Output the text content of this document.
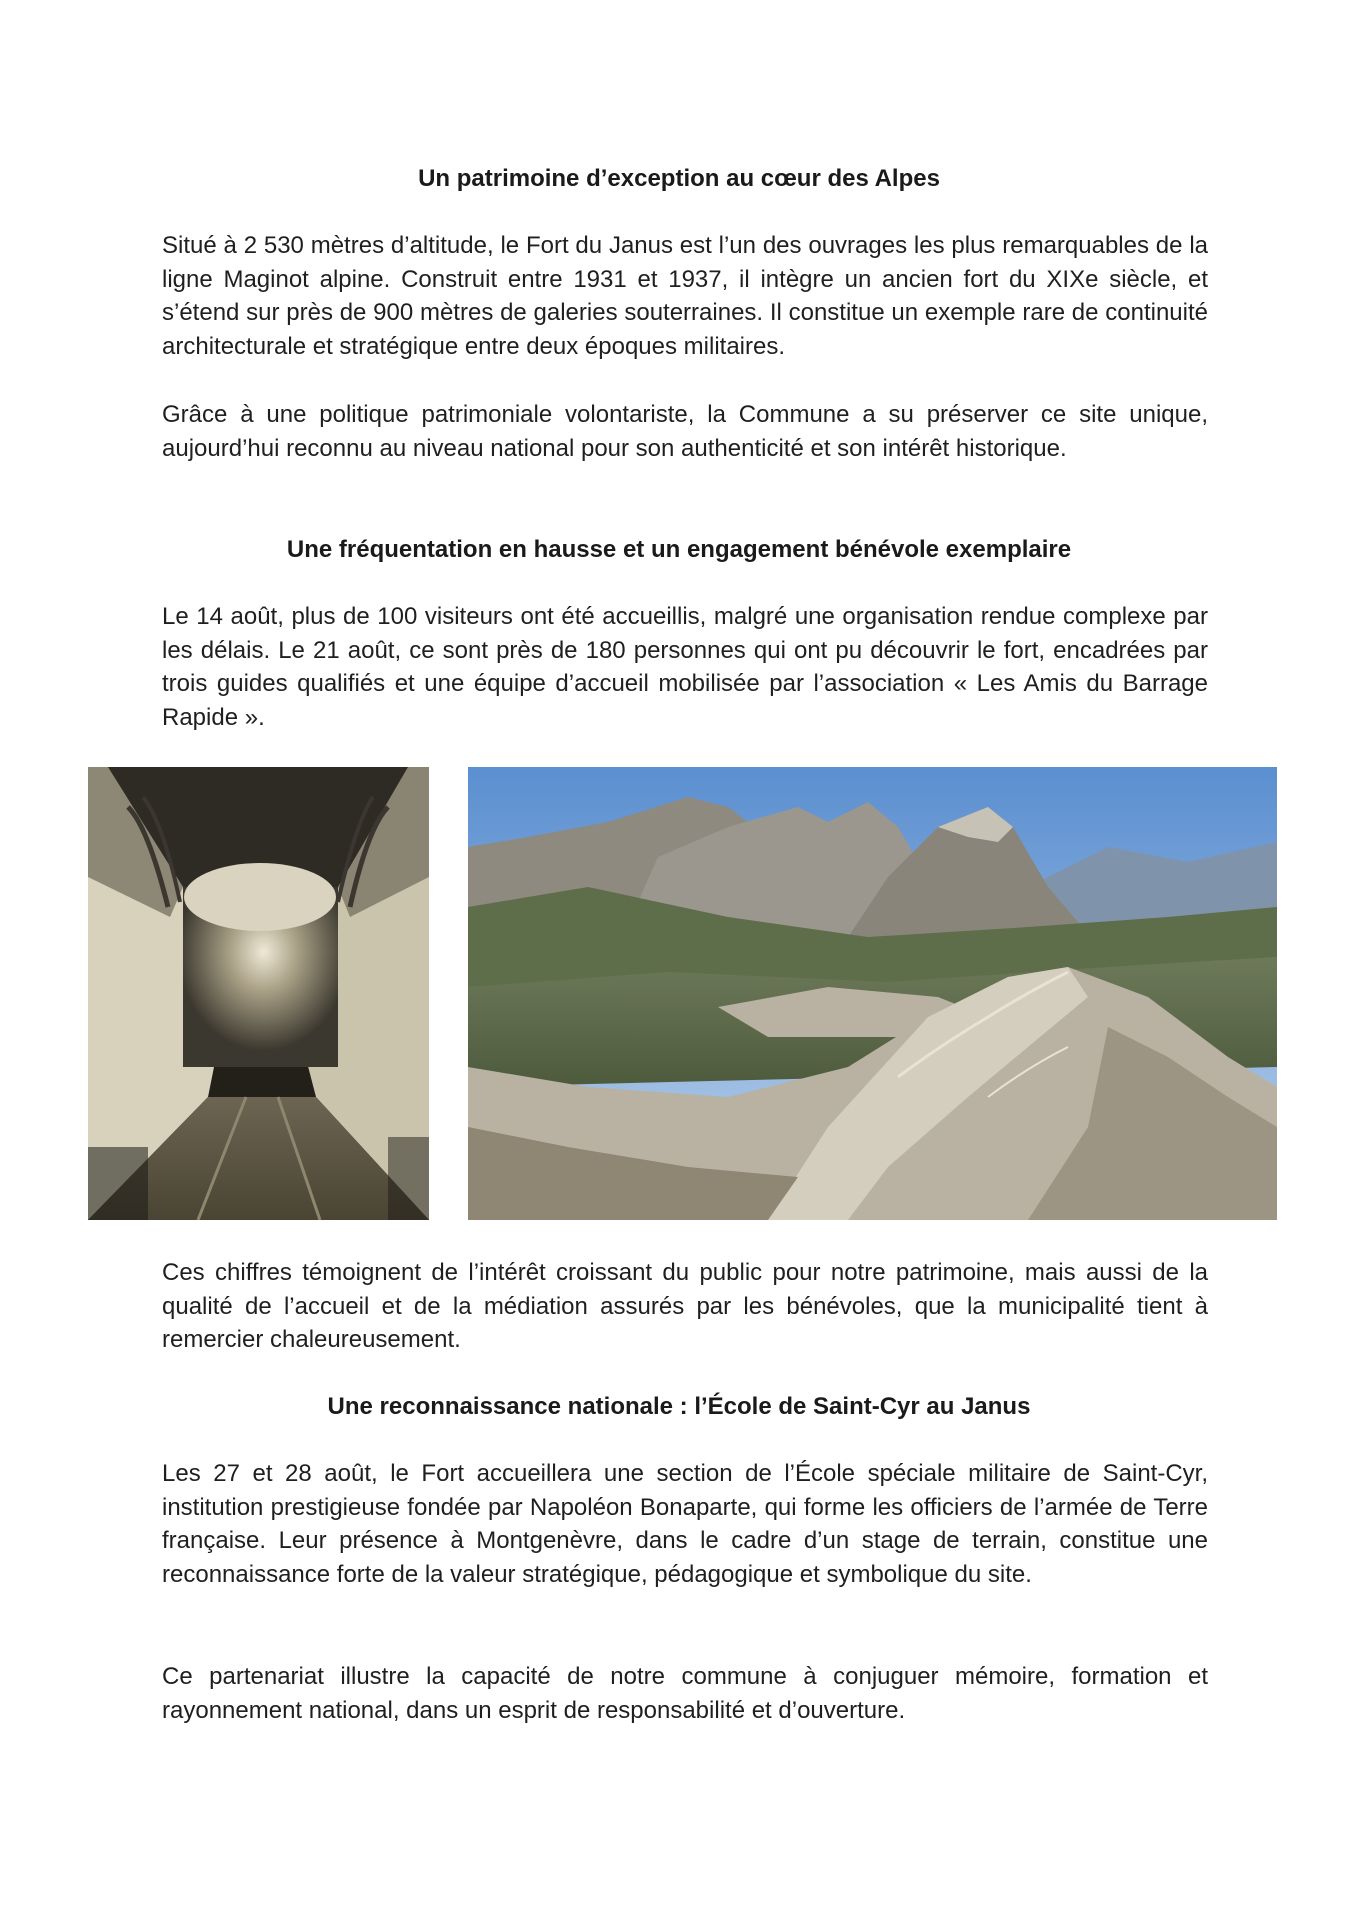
Un patrimoine d’exception au cœur des Alpes

Situé à 2 530 mètres d’altitude, le Fort du Janus est l’un des ouvrages les plus remarquables de la ligne Maginot alpine. Construit entre 1931 et 1937, il intègre un ancien fort du XIXe siècle, et s’étend sur près de 900 mètres de galeries souterraines. Il constitue un exemple rare de continuité architecturale et stratégique entre deux époques militaires.

Grâce à une politique patrimoniale volontariste, la Commune a su préserver ce site unique, aujourd’hui reconnu au niveau national pour son authenticité et son intérêt historique.

Une fréquentation en hausse et un engagement bénévole exemplaire

Le 14 août, plus de 100 visiteurs ont été accueillis, malgré une organisation rendue complexe par les délais. Le 21 août, ce sont près de 180 personnes qui ont pu découvrir le fort, encadrées par trois guides qualifiés et une équipe d’accueil mobilisée par l’association « Les Amis du Barrage Rapide ».

Ces chiffres témoignent de l’intérêt croissant du public pour notre patrimoine, mais aussi de la qualité de l’accueil et de la médiation assurés par les bénévoles, que la municipalité tient à remercier chaleureusement.

Une reconnaissance nationale : l’École de Saint-Cyr au Janus

Les 27 et 28 août, le Fort accueillera une section de l’École spéciale militaire de Saint-Cyr, institution prestigieuse fondée par Napoléon Bonaparte, qui forme les officiers de l’armée de Terre française. Leur présence à Montgenèvre, dans le cadre d’un stage de terrain, constitue une reconnaissance forte de la valeur stratégique, pédagogique et symbolique du site.

Ce partenariat illustre la capacité de notre commune à conjuguer mémoire, formation et rayonnement national, dans un esprit de responsabilité et d’ouverture.
